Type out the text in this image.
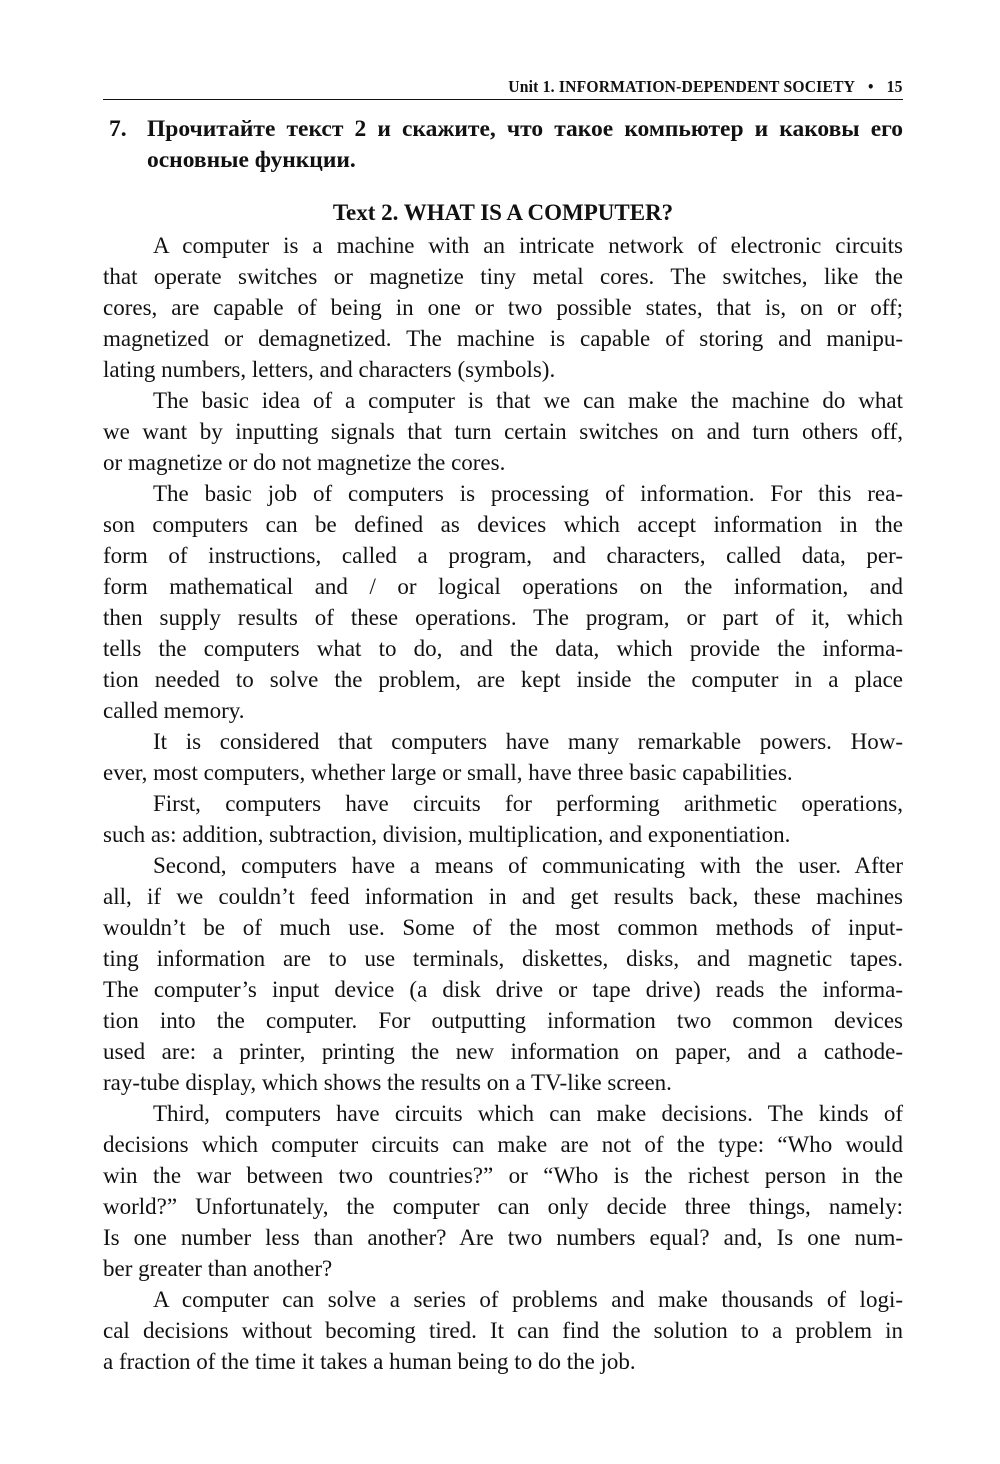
Unit 1. INFORMATION-DEPENDENT SOCIETY • 15
7. Прочитайте текст 2 и скажите, что такое компьютер и каковы его
основные функции.
Text 2. WHAT IS A COMPUTER?
A computer is a machine with an intricate network of electronic circuits
that operate switches or magnetize tiny metal cores. The switches, like the
cores, are capable of being in one or two possible states, that is, on or off;
magnetized or demagnetized. The machine is capable of storing and manipu-
lating numbers, letters, and characters (symbols).
The basic idea of a computer is that we can make the machine do what
we want by inputting signals that turn certain switches on and turn others off,
or magnetize or do not magnetize the cores.
The basic job of computers is processing of information. For this rea-
son computers can be defined as devices which accept information in the
form of instructions, called a program, and characters, called data, per-
form mathematical and / or logical operations on the information, and
then supply results of these operations. The program, or part of it, which
tells the computers what to do, and the data, which provide the informa-
tion needed to solve the problem, are kept inside the computer in a place
called memory.
It is considered that computers have many remarkable powers. How-
ever, most computers, whether large or small, have three basic capabilities.
First, computers have circuits for performing arithmetic operations,
such as: addition, subtraction, division, multiplication, and exponentiation.
Second, computers have a means of communicating with the user. After
all, if we couldn’t feed information in and get results back, these machines
wouldn’t be of much use. Some of the most common methods of input-
ting information are to use terminals, diskettes, disks, and magnetic tapes.
The computer’s input device (a disk drive or tape drive) reads the informa-
tion into the computer. For outputting information two common devices
used are: a printer, printing the new information on paper, and a cathode-
ray-tube display, which shows the results on a TV-like screen.
Third, computers have circuits which can make decisions. The kinds of
decisions which computer circuits can make are not of the type: “Who would
win the war between two countries?” or “Who is the richest person in the
world?” Unfortunately, the computer can only decide three things, namely:
Is one number less than another? Are two numbers equal? and, Is one num-
ber greater than another?
A computer can solve a series of problems and make thousands of logi-
cal decisions without becoming tired. It can find the solution to a problem in
a fraction of the time it takes a human being to do the job.
